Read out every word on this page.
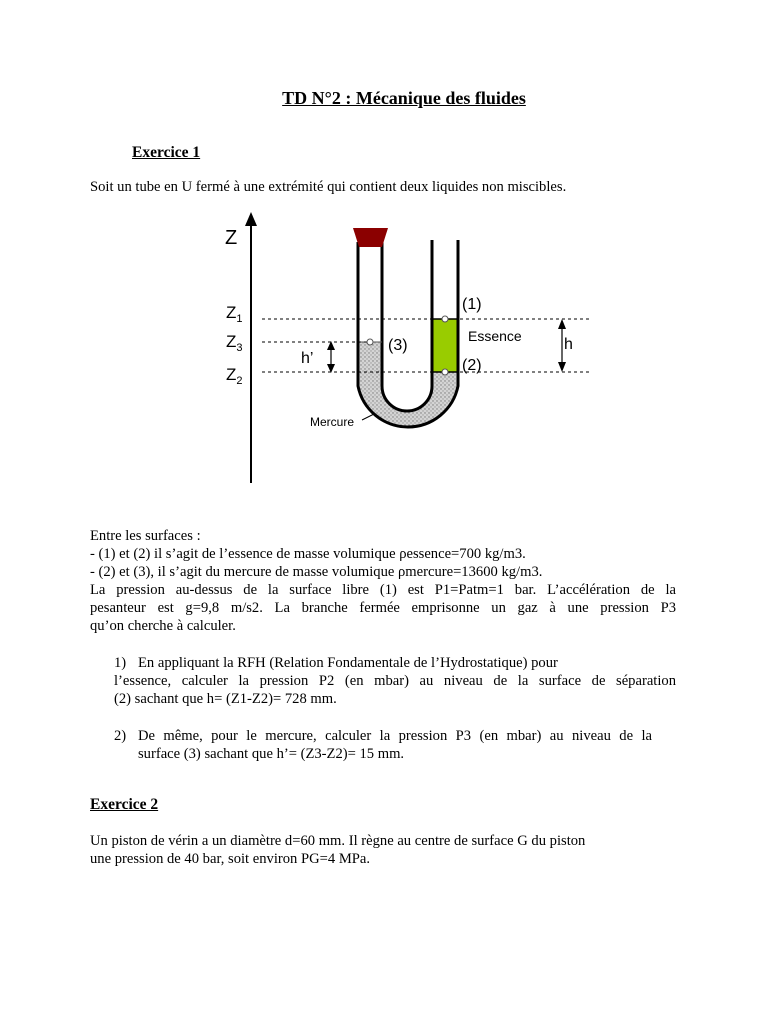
TD N°2 : Mécanique des fluides
Exercice 1
Soit un tube en U fermé à une extrémité qui contient deux liquides non miscibles.
Z
$Z_1$
$Z_3$
$Z_2$
h’
(3)
(1)
Essence
(2)
h
Mercure
Entre les surfaces :
- (1) et (2) il s’agit de l’essence de masse volumique ρessence=700 kg/m3.
- (2) et (3), il s’agit du mercure de masse volumique ρmercure=13600 kg/m3.
La pression au-dessus de la surface libre (1) est P1=Patm=1 bar. L’accélération de la
pesanteur est g=9,8 m/s2. La branche fermée emprisonne un gaz à une pression P3
qu’on cherche à calculer.
1) En appliquant la RFH (Relation Fondamentale de l’Hydrostatique) pour
l’essence, calculer la pression P2 (en mbar) au niveau de la surface de séparation
(2) sachant que h= (Z1-Z2)= 728 mm.
2) De même, pour le mercure, calculer la pression P3 (en mbar) au niveau de la
surface (3) sachant que h’= (Z3-Z2)= 15 mm.
Exercice 2
Un piston de vérin a un diamètre d=60 mm. Il règne au centre de surface G du piston
une pression de 40 bar, soit environ PG=4 MPa.
